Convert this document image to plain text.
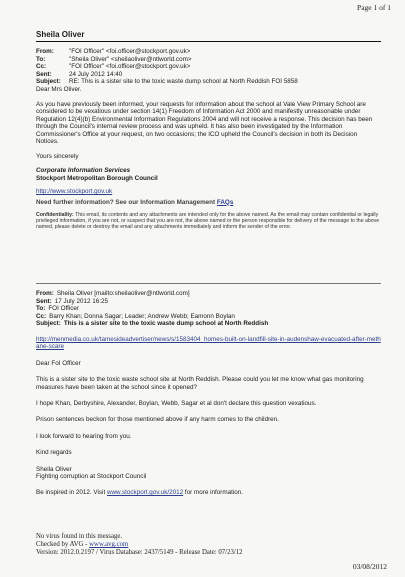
Page 1 of 1
Sheila Oliver
From:	"FOI Officer" <foi.officer@stockport.gov.uk>
To:	"Sheila Oliver" <sheilaoliver@ntlworld.com>
Cc:	"FOI Officer" <foi.officer@stockport.gov.uk>
Sent:	24 July 2012 14:40
Subject:	RE: This is a sister site to the toxic waste dump school at North Reddish FOI 5858
Dear Mrs Oliver.

As you have previously been informed, your requests for information about the school at Vale View Primary School are considered to be vexatious under section 14(1) Freedom of Information Act 2000 and manifestly unreasonable under Regulation 12(4)(b) Environmental Information Regulations 2004 and will not receive a response. This decision has been through the Council's internal review process and was upheld. It has also been investigated by the Information Commissioner's Office at your request, on two occasions; the ICO upheld the Council's decision in both its Decision Notices.

Yours sincerely

Corporate Information Services
Stockport Metropolitan Borough Council
http://www.stockport.gov.uk
Need further information? See our Information Management FAQs
Confidentiality: This email, its contents and any attachments are intended only for the above named. As the email may contain confidential or legally privileged information, if you are not, or suspect that you are not, the above named or the person responsible for delivery of the message to the above named, please delete or destroy the email and any attachments immediately and inform the sender of the error.
From: Sheila Oliver [mailto:sheilaoliver@ntlworld.com]
Sent: 17 July 2012 16:25
To: FOI Officer
Cc: Barry Khan; Donna Sagar; Leader; Andrew Webb; Eamonn Boylan
Subject: This is a sister site to the toxic waste dump school at North Reddish

http://menmedia.co.uk/tamesideadvertiser/news/s/1583404_homes-built-on-landfill-site-in-audenshaw-evacuated-after-methane-scare

Dear FoI Officer

This is a sister site to the toxic waste school site at North Reddish. Please could you let me know what gas monitoring measures have been taken at the school since it opened?

I hope Khan, Derbyshire, Alexander, Boylan, Webb, Sagar et al don't declare this question vexatious.

Prison sentences beckon for those mentioned above if any harm comes to the children.

I look forward to hearing from you.

Kind regards

Sheila Oliver
Fighting corruption at Stockport Council
Be inspired in 2012. Visit www.stockport.gov.uk/2012 for more information.
No virus found in this message.
Checked by AVG - www.avg.com
Version: 2012.0.2197 / Virus Database: 2437/5149 - Release Date: 07/23/12
03/08/2012
